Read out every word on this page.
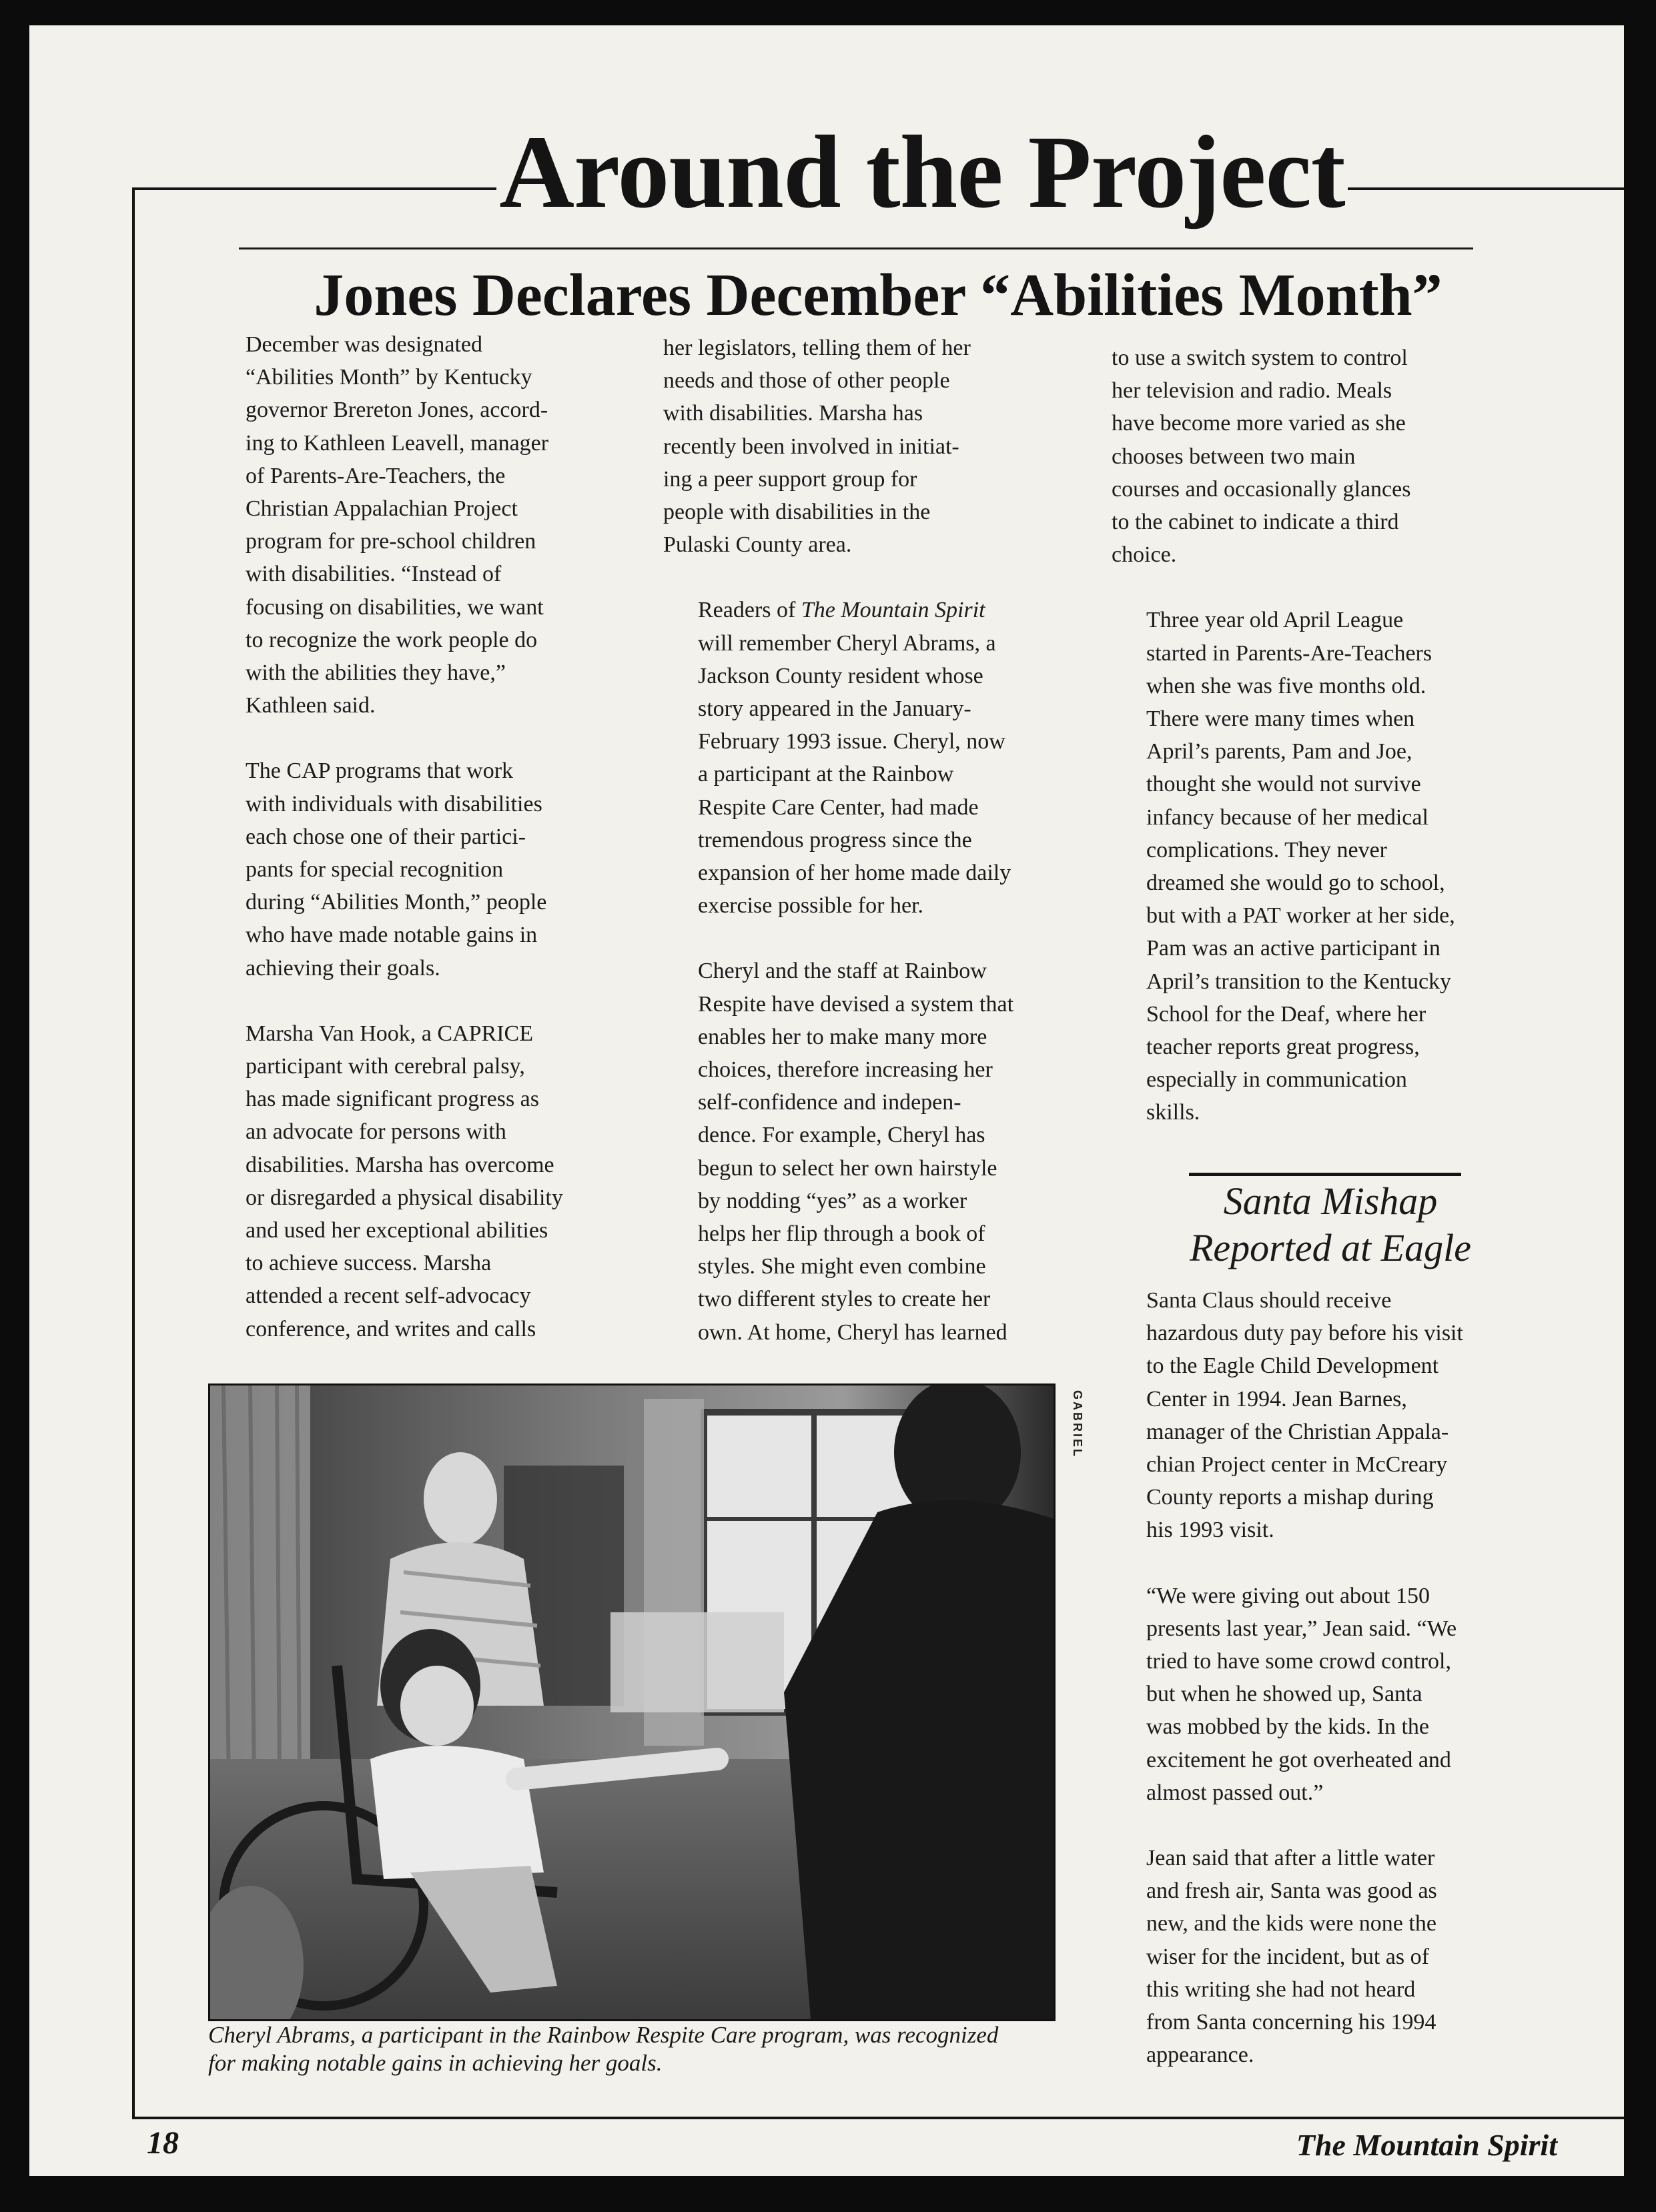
Around the Project
Jones Declares December “Abilities Month”

December was designated
“Abilities Month” by Kentucky
governor Brereton Jones, accord-
ing to Kathleen Leavell, manager
of Parents-Are-Teachers, the
Christian Appalachian Project
program for pre-school children
with disabilities. “Instead of
focusing on disabilities, we want
to recognize the work people do
with the abilities they have,”
Kathleen said.

The CAP programs that work
with individuals with disabilities
each chose one of their partici-
pants for special recognition
during “Abilities Month,” people
who have made notable gains in
achieving their goals.

Marsha Van Hook, a CAPRICE
participant with cerebral palsy,
has made significant progress as
an advocate for persons with
disabilities. Marsha has overcome
or disregarded a physical disability
and used her exceptional abilities
to achieve success. Marsha
attended a recent self-advocacy
conference, and writes and calls

her legislators, telling them of her
needs and those of other people
with disabilities. Marsha has
recently been involved in initiat-
ing a peer support group for
people with disabilities in the
Pulaski County area.

Readers of The Mountain Spirit
will remember Cheryl Abrams, a
Jackson County resident whose
story appeared in the January-
February 1993 issue. Cheryl, now
a participant at the Rainbow
Respite Care Center, had made
tremendous progress since the
expansion of her home made daily
exercise possible for her.

Cheryl and the staff at Rainbow
Respite have devised a system that
enables her to make many more
choices, therefore increasing her
self-confidence and indepen-
dence. For example, Cheryl has
begun to select her own hairstyle
by nodding “yes” as a worker
helps her flip through a book of
styles. She might even combine
two different styles to create her
own. At home, Cheryl has learned

to use a switch system to control
her television and radio. Meals
have become more varied as she
chooses between two main
courses and occasionally glances
to the cabinet to indicate a third
choice.

Three year old April League
started in Parents-Are-Teachers
when she was five months old.
There were many times when
April’s parents, Pam and Joe,
thought she would not survive
infancy because of her medical
complications. They never
dreamed she would go to school,
but with a PAT worker at her side,
Pam was an active participant in
April’s transition to the Kentucky
School for the Deaf, where her
teacher reports great progress,
especially in communication
skills.

Santa Mishap
Reported at Eagle

Santa Claus should receive
hazardous duty pay before his visit
to the Eagle Child Development
Center in 1994. Jean Barnes,
manager of the Christian Appala-
chian Project center in McCreary
County reports a mishap during
his 1993 visit.

“We were giving out about 150
presents last year,” Jean said. “We
tried to have some crowd control,
but when he showed up, Santa
was mobbed by the kids. In the
excitement he got overheated and
almost passed out.”

Jean said that after a little water
and fresh air, Santa was good as
new, and the kids were none the
wiser for the incident, but as of
this writing she had not heard
from Santa concerning his 1994
appearance.

GABRIEL

Cheryl Abrams, a participant in the Rainbow Respite Care program, was recognized
for making notable gains in achieving her goals.

18	The Mountain Spirit
